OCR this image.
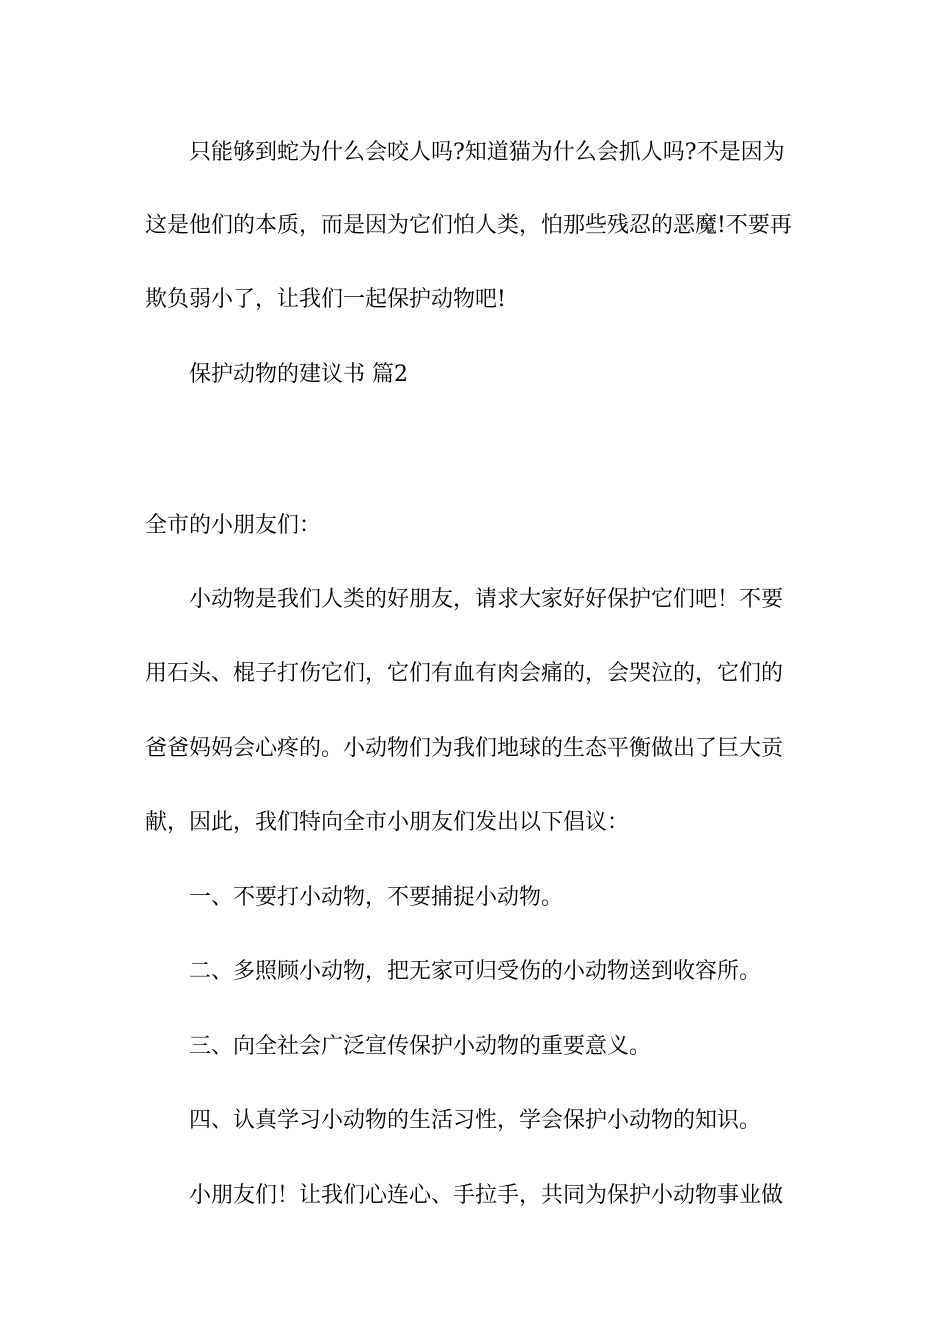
只能够到蛇为什么会咬人吗?知道猫为什么会抓人吗?不是因为
这是他们的本质，而是因为它们怕人类，怕那些残忍的恶魔!不要再
欺负弱小了，让我们一起保护动物吧!
保护动物的建议书 篇2
全市的小朋友们：
小动物是我们人类的好朋友，请求大家好好保护它们吧！不要
用石头、棍子打伤它们，它们有血有肉会痛的，会哭泣的，它们的
爸爸妈妈会心疼的。小动物们为我们地球的生态平衡做出了巨大贡
献，因此，我们特向全市小朋友们发出以下倡议：
一、不要打小动物，不要捕捉小动物。
二、多照顾小动物，把无家可归受伤的小动物送到收容所。
三、向全社会广泛宣传保护小动物的重要意义。
四、认真学习小动物的生活习性，学会保护小动物的知识。
小朋友们！让我们心连心、手拉手，共同为保护小动物事业做
